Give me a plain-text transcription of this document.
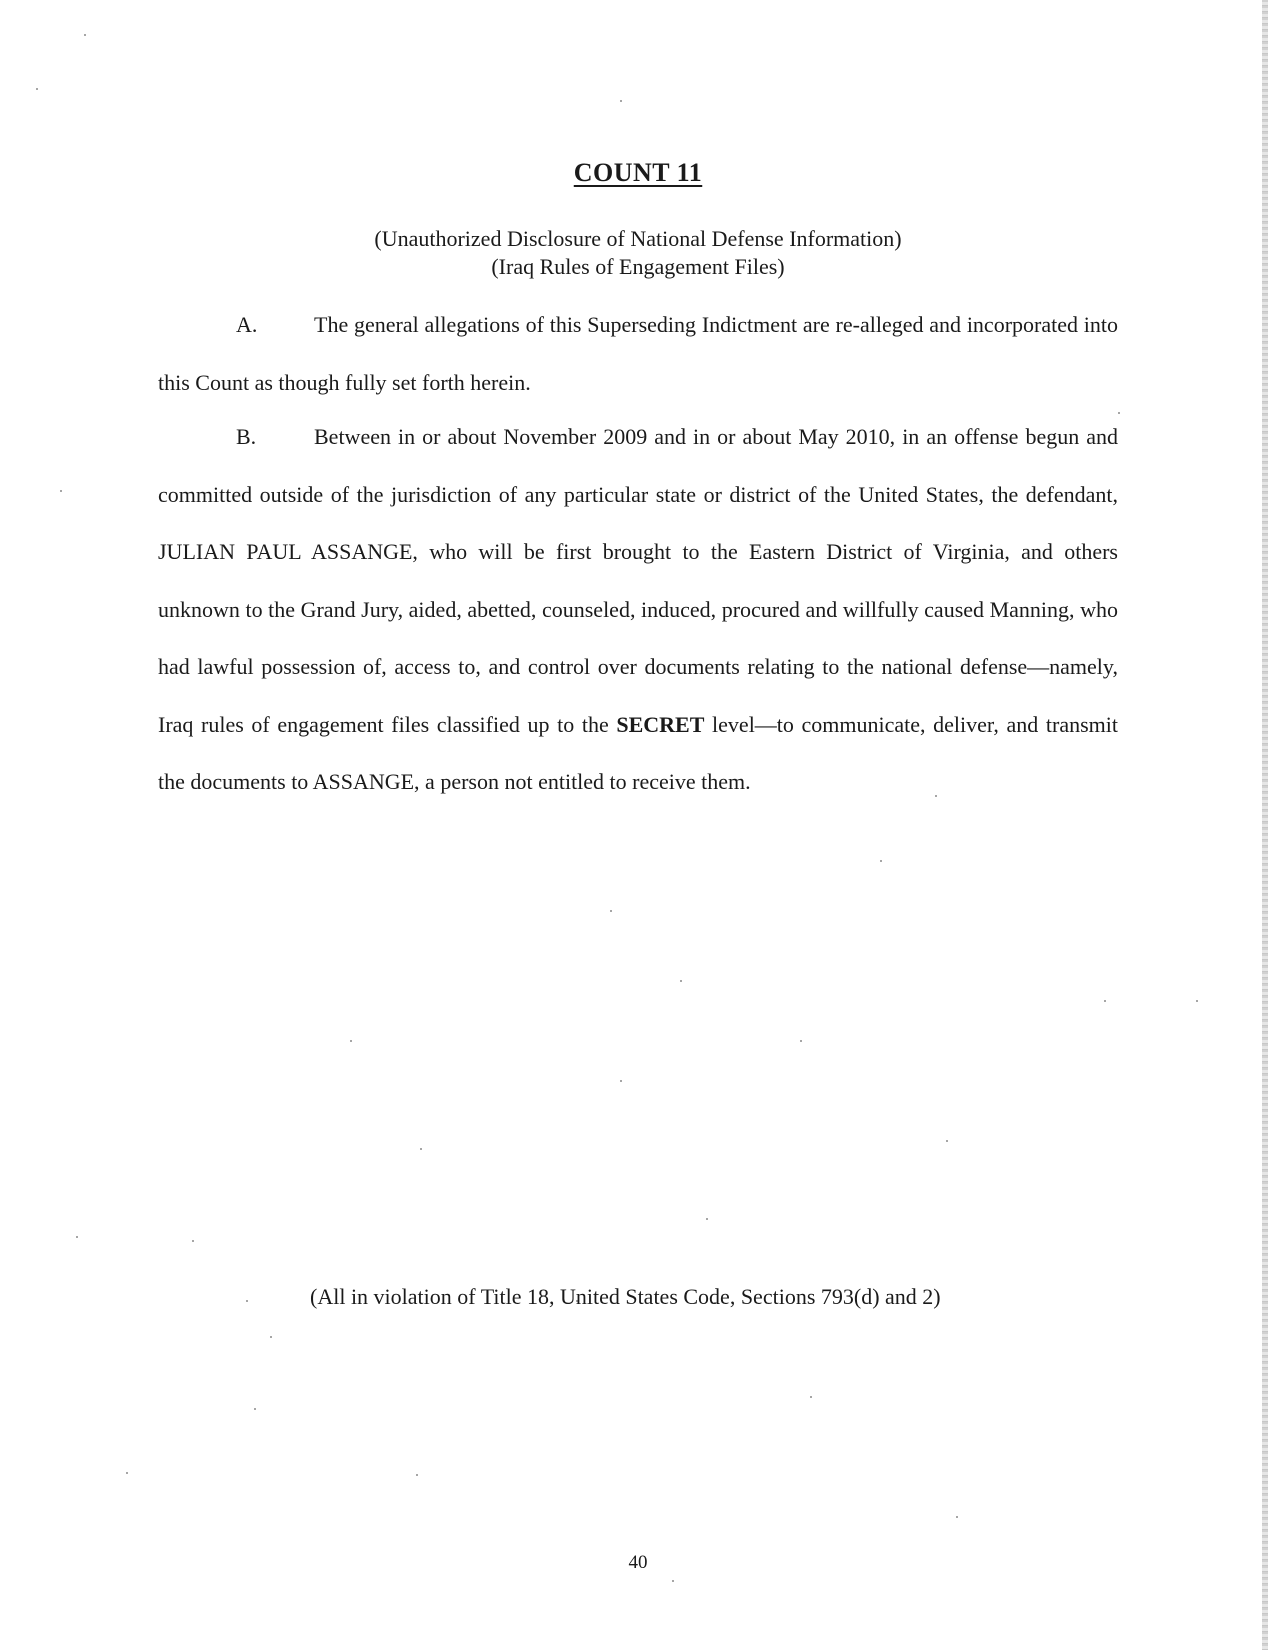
COUNT 11
(Unauthorized Disclosure of National Defense Information)
(Iraq Rules of Engagement Files)
A.	The general allegations of this Superseding Indictment are re-alleged and incorporated into this Count as though fully set forth herein.
B.	Between in or about November 2009 and in or about May 2010, in an offense begun and committed outside of the jurisdiction of any particular state or district of the United States, the defendant, JULIAN PAUL ASSANGE, who will be first brought to the Eastern District of Virginia, and others unknown to the Grand Jury, aided, abetted, counseled, induced, procured and willfully caused Manning, who had lawful possession of, access to, and control over documents relating to the national defense—namely, Iraq rules of engagement files classified up to the SECRET level—to communicate, deliver, and transmit the documents to ASSANGE, a person not entitled to receive them.
(All in violation of Title 18, United States Code, Sections 793(d) and 2)
40
